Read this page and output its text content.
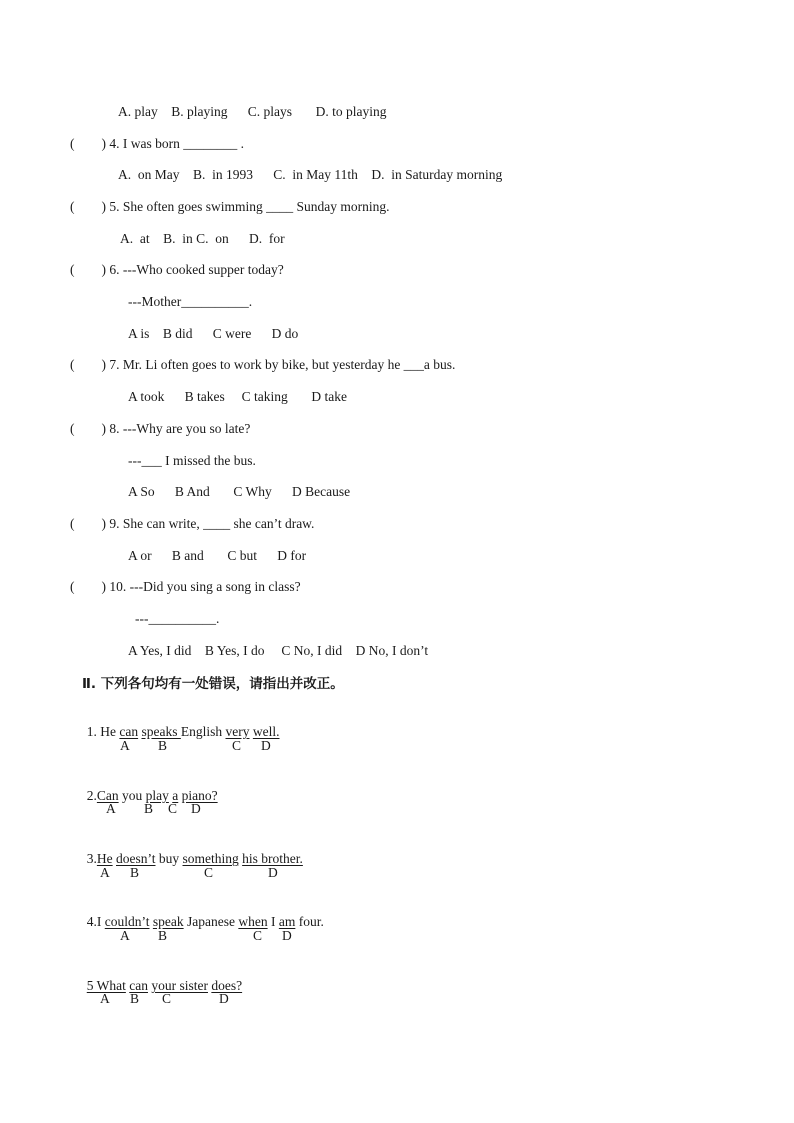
A. play    B. playing      C. plays       D. to playing
(        ) 4. I was born ________ .
A.  on May    B.  in 1993      C.  in May 11th    D.  in Saturday morning
(        ) 5. She often goes swimming ____ Sunday morning.
A.  at    B.  in C.  on      D.  for
(        ) 6. ---Who cooked supper today?
---Mother__________.
A is    B did      C were      D do
(        ) 7. Mr. Li often goes to work by bike, but yesterday he ___a bus.
A took      B takes     C taking       D take
(        ) 8. ---Why are you so late?
---___ I missed the bus.
A So      B And       C Why      D Because
(        ) 9. She can write, ____ she can’t draw.
A or      B and       C but      D for
(        ) 10. ---Did you sing a song in class?
---__________.
A Yes, I did    B Yes, I do     C No, I did    D No, I don’t
Ⅱ. 下列各句均有一处错误，请指出并改正。

1. He can speaks English very well.

A B	C D

2.Can you play a piano?

A B C D

3.He doesn’t buy something his brother.

A B	C	D

4.I couldn’t speak Japanese when I am four.

A B	C D

5 What can your sister does?

A B C	D
